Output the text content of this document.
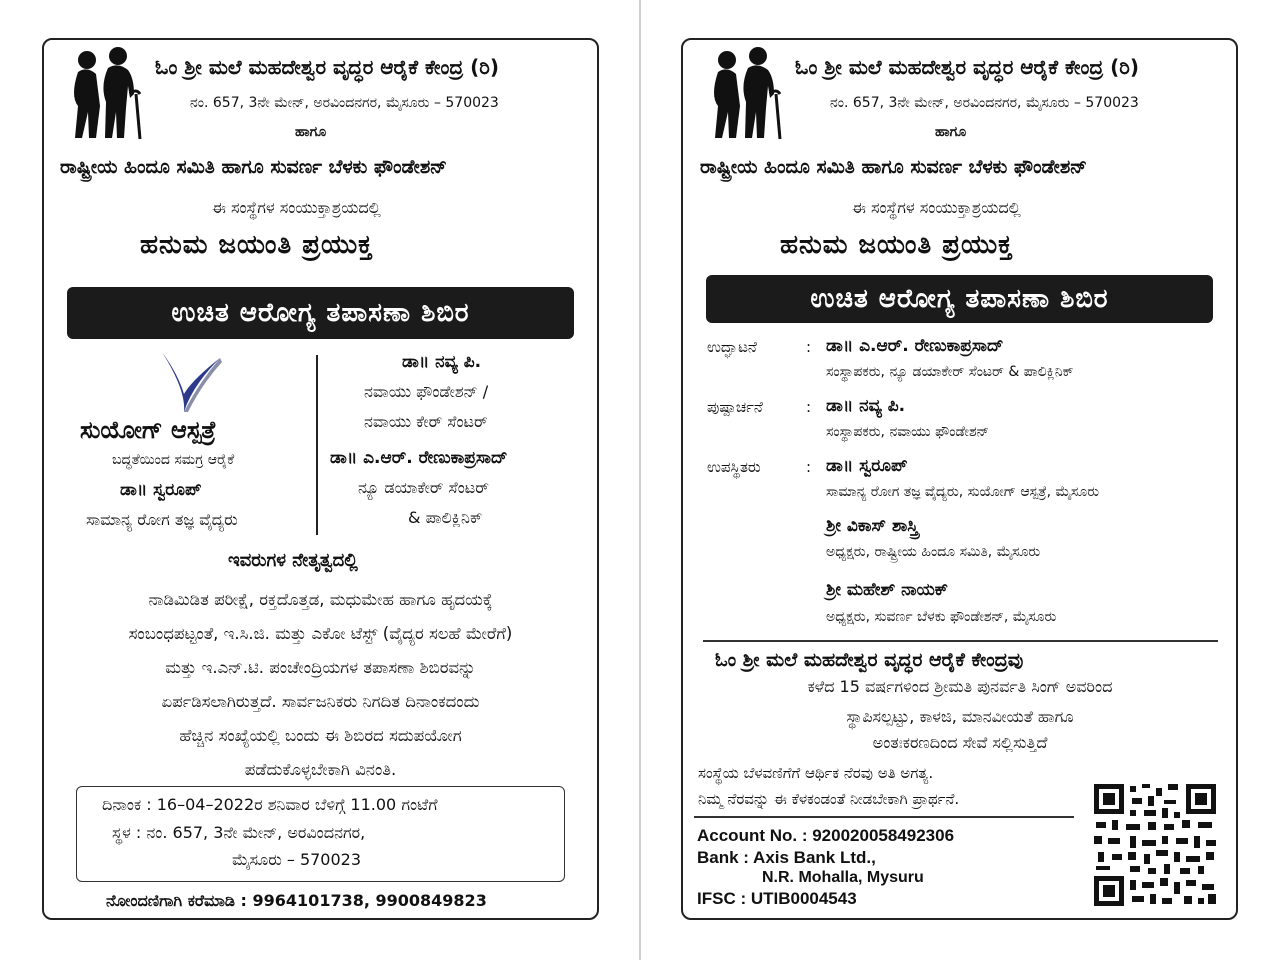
ಓಂ ಶ್ರೀ ಮಲೆ ಮಹದೇಶ್ವರ ವೃದ್ಧರ ಆರೈಕೆ ಕೇಂದ್ರ (ರಿ)
ನಂ. 657, 3ನೇ ಮೇನ್, ಅರವಿಂದನಗರ, ಮೈಸೂರು – 570023
ಹಾಗೂ
ರಾಷ್ಟ್ರೀಯ ಹಿಂದೂ ಸಮಿತಿ ಹಾಗೂ ಸುವರ್ಣ ಬೆಳಕು ಫೌಂಡೇಶನ್
ಈ ಸಂಸ್ಥೆಗಳ ಸಂಯುಕ್ತಾಶ್ರಯದಲ್ಲಿ
ಹನುಮ ಜಯಂತಿ ಪ್ರಯುಕ್ತ
ಉಚಿತ ಆರೋಗ್ಯ ತಪಾಸಣಾ ಶಿಬಿರ
ಸುಯೋಗ್ ಆಸ್ಪತ್ರೆ
ಬದ್ಧತೆಯಿಂದ ಸಮಗ್ರ ಆರೈಕೆ
ಡಾ॥ ಸ್ವರೂಪ್
ಸಾಮಾನ್ಯ ರೋಗ ತಜ್ಞ ವೈದ್ಯರು
ಡಾ॥ ನವ್ಯ ಪಿ.
ನವಾಯು ಫೌಂಡೇಶನ್ /
ನವಾಯು ಕೇರ್ ಸೆಂಟರ್
ಡಾ॥ ಎ.ಆರ್. ರೇಣುಕಾಪ್ರಸಾದ್
ನ್ಯೂ ಡಯಾಕೇರ್ ಸೆಂಟರ್
& ಪಾಲಿಕ್ಲಿನಿಕ್
ಇವರುಗಳ ನೇತೃತ್ವದಲ್ಲಿ
ನಾಡಿಮಿಡಿತ ಪರೀಕ್ಷೆ, ರಕ್ತದೊತ್ತಡ, ಮಧುಮೇಹ ಹಾಗೂ ಹೃದಯಕ್ಕೆ
ಸಂಬಂಧಪಟ್ಟಂತೆ, ಇ.ಸಿ.ಜಿ. ಮತ್ತು ಎಕೋ ಟೆಸ್ಟ್ (ವೈದ್ಯರ ಸಲಹೆ ಮೇರೆಗೆ)
ಮತ್ತು ಇ.ಎನ್.ಟಿ. ಪಂಚೇಂದ್ರಿಯಗಳ ತಪಾಸಣಾ ಶಿಬಿರವನ್ನು
ಏರ್ಪಡಿಸಲಾಗಿರುತ್ತದೆ. ಸಾರ್ವಜನಿಕರು ನಿಗದಿತ ದಿನಾಂಕದಂದು
ಹೆಚ್ಚಿನ ಸಂಖ್ಯೆಯಲ್ಲಿ ಬಂದು ಈ ಶಿಬಿರದ ಸದುಪಯೋಗ
ಪಡೆದುಕೊಳ್ಳಬೇಕಾಗಿ ವಿನಂತಿ.
ದಿನಾಂಕ : 16–04–2022ರ ಶನಿವಾರ ಬೆಳಿಗ್ಗೆ 11.00 ಗಂಟೆಗೆ
ಸ್ಥಳ : ನಂ. 657, 3ನೇ ಮೇನ್, ಅರವಿಂದನಗರ,
ಮೈಸೂರು – 570023
ನೋಂದಣಿಗಾಗಿ ಕರೆಮಾಡಿ : 9964101738, 9900849823
ಓಂ ಶ್ರೀ ಮಲೆ ಮಹದೇಶ್ವರ ವೃದ್ಧರ ಆರೈಕೆ ಕೇಂದ್ರ (ರಿ)
ನಂ. 657, 3ನೇ ಮೇನ್, ಅರವಿಂದನಗರ, ಮೈಸೂರು – 570023
ಹಾಗೂ
ರಾಷ್ಟ್ರೀಯ ಹಿಂದೂ ಸಮಿತಿ ಹಾಗೂ ಸುವರ್ಣ ಬೆಳಕು ಫೌಂಡೇಶನ್
ಈ ಸಂಸ್ಥೆಗಳ ಸಂಯುಕ್ತಾಶ್ರಯದಲ್ಲಿ
ಹನುಮ ಜಯಂತಿ ಪ್ರಯುಕ್ತ
ಉಚಿತ ಆರೋಗ್ಯ ತಪಾಸಣಾ ಶಿಬಿರ
ಉದ್ಘಾಟನೆ	: ಡಾ॥ ಎ.ಆರ್. ರೇಣುಕಾಪ್ರಸಾದ್
ಸಂಸ್ಥಾಪಕರು, ನ್ಯೂ ಡಯಾಕೇರ್ ಸೆಂಟರ್ & ಪಾಲಿಕ್ಲಿನಿಕ್
ಪುಷ್ಪಾರ್ಚನೆ	: ಡಾ॥ ನವ್ಯ ಪಿ.
ಸಂಸ್ಥಾಪಕರು, ನವಾಯು ಫೌಂಡೇಶನ್
ಉಪಸ್ಥಿತರು	: ಡಾ॥ ಸ್ವರೂಪ್
ಸಾಮಾನ್ಯ ರೋಗ ತಜ್ಞ ವೈದ್ಯರು, ಸುಯೋಗ್ ಆಸ್ಪತ್ರೆ, ಮೈಸೂರು
ಶ್ರೀ ವಿಕಾಸ್ ಶಾಸ್ತ್ರಿ
ಅಧ್ಯಕ್ಷರು, ರಾಷ್ಟ್ರೀಯ ಹಿಂದೂ ಸಮಿತಿ, ಮೈಸೂರು
ಶ್ರೀ ಮಹೇಶ್ ನಾಯಕ್
ಅಧ್ಯಕ್ಷರು, ಸುವರ್ಣ ಬೆಳಕು ಫೌಂಡೇಶನ್, ಮೈಸೂರು
ಓಂ ಶ್ರೀ ಮಲೆ ಮಹದೇಶ್ವರ ವೃದ್ಧರ ಆರೈಕೆ ಕೇಂದ್ರವು
ಕಳೆದ 15 ವರ್ಷಗಳಿಂದ ಶ್ರೀಮತಿ ಪುನರ್ವತಿ ಸಿಂಗ್ ಅವರಿಂದ
ಸ್ಥಾಪಿಸಲ್ಪಟ್ಟು, ಕಾಳಜಿ, ಮಾನವೀಯತೆ ಹಾಗೂ
ಅಂತಃಕರಣದಿಂದ ಸೇವೆ ಸಲ್ಲಿಸುತ್ತಿದೆ
ಸಂಸ್ಥೆಯ ಬೆಳವಣಿಗೆಗೆ ಆರ್ಥಿಕ ನೆರವು ಅತಿ ಅಗತ್ಯ.
ನಿಮ್ಮ ನೆರವನ್ನು ಈ ಕೆಳಕಂಡಂತೆ ನೀಡಬೇಕಾಗಿ ಪ್ರಾರ್ಥನೆ.
Account No. : 92002005849230​6
Bank : Axis Bank Ltd.,
N.R. Mohalla, Mysuru
IFSC : UTIB0004543
